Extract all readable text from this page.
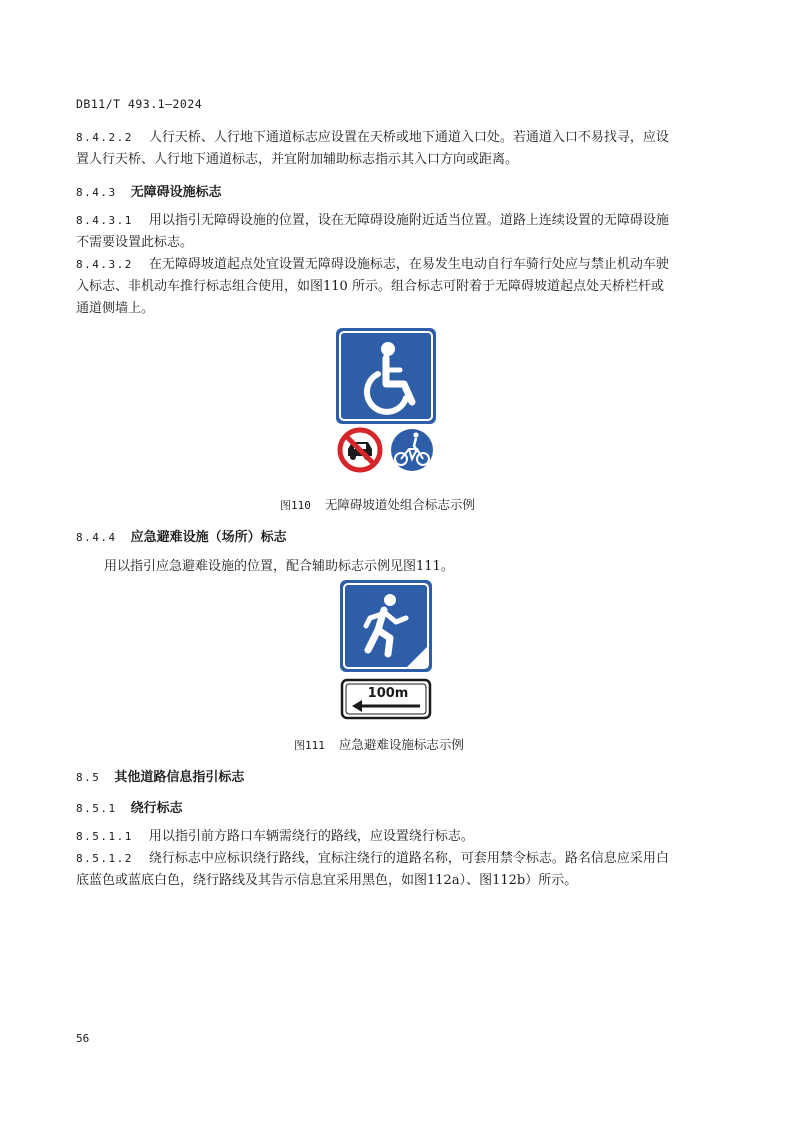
DB11/T 493.1—2024
8.4.2.2 人行天桥、人行地下通道标志应设置在天桥或地下通道入口处。若通道入口不易找寻，应设
置人行天桥、人行地下通道标志，并宜附加辅助标志指示其入口方向或距离。
8.4.3 无障碍设施标志
8.4.3.1 用以指引无障碍设施的位置，设在无障碍设施附近适当位置。道路上连续设置的无障碍设施
不需要设置此标志。
8.4.3.2 在无障碍坡道起点处宜设置无障碍设施标志，在易发生电动自行车骑行处应与禁止机动车驶
入标志、非机动车推行标志组合使用，如图110 所示。组合标志可附着于无障碍坡道起点处天桥栏杆或
通道侧墙上。
图110 无障碍坡道处组合标志示例
8.4.4 应急避难设施（场所）标志
用以指引应急避难设施的位置，配合辅助标志示例见图111。
100m
图111 应急避难设施标志示例
8.5 其他道路信息指引标志
8.5.1 绕行标志
8.5.1.1 用以指引前方路口车辆需绕行的路线，应设置绕行标志。
8.5.1.2 绕行标志中应标识绕行路线，宜标注绕行的道路名称，可套用禁令标志。路名信息应采用白
底蓝色或蓝底白色，绕行路线及其告示信息宜采用黑色，如图112a）、图112b）所示。
56
